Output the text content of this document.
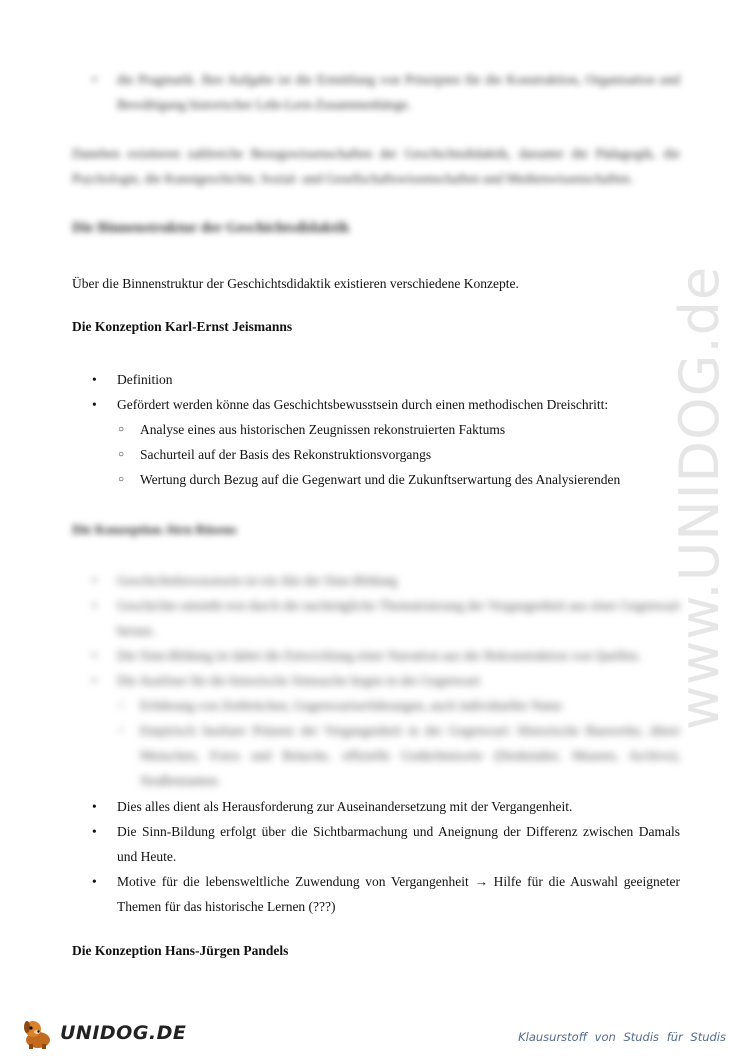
• die Pragmatik. Ihre Aufgabe ist die Ermittlung von Prinzipien für die Konstruktion, Organisation und Bewältigung historischer Lehr-Lern-Zusammenhänge.
Daneben existieren zahlreiche Bezugswissenschaften der Geschichtsdidaktik, darunter die Pädagogik, die Psychologie, die Kunstgeschichte, Sozial- und Gesellschaftswissenschaften und Medienwissenschaften.
Die Binnenstruktur der Geschichtsdidaktik
Über die Binnenstruktur der Geschichtsdidaktik existieren verschiedene Konzepte.
Die Konzeption Karl-Ernst Jeismanns
• Definition
• Gefördert werden könne das Geschichtsbewusstsein durch einen methodischen Dreischritt:
○ Analyse eines aus historischen Zeugnissen rekonstruierten Faktums
○ Sachurteil auf der Basis des Rekonstruktionsvorgangs
○ Wertung durch Bezug auf die Gegenwart und die Zukunftserwartung des Analysierenden
Die Konzeption Jörn Rüsens
• Geschichtsbewusstsein ist ein Akt der Sinn-Bildung
• Geschichte entsteht erst durch die nachträgliche Thematisierung der Vergangenheit aus einer Gegenwart heraus.
• Die Sinn-Bildung ist dabei die Entwicklung einer Narration aus der Rekonstruktion von Quellen.
• Die Auslöser für die historische Sinnsuche liegen in der Gegenwart
○ Erfahrung von Zeitbrüchen, Gegenwartserfahrungen, auch individueller Natur
○ Empirisch fassbare Präsenz der Vergangenheit in der Gegenwart: Historische Bauwerke, ältere Menschen, Fotos und Bräuche, offizielle Gedächtnisorte (Denkmäler, Museen, Archive), Straßennamen.
• Dies alles dient als Herausforderung zur Auseinandersetzung mit der Vergangenheit.
• Die Sinn-Bildung erfolgt über die Sichtbarmachung und Aneignung der Differenz zwischen Damals und Heute.
• Motive für die lebensweltliche Zuwendung von Vergangenheit → Hilfe für die Auswahl geeigneter Themen für das historische Lernen (???)
Die Konzeption Hans-Jürgen Pandels
www.UNIDOG.de
UNIDOG.DE	Klausurstoff von Studis für Studis
